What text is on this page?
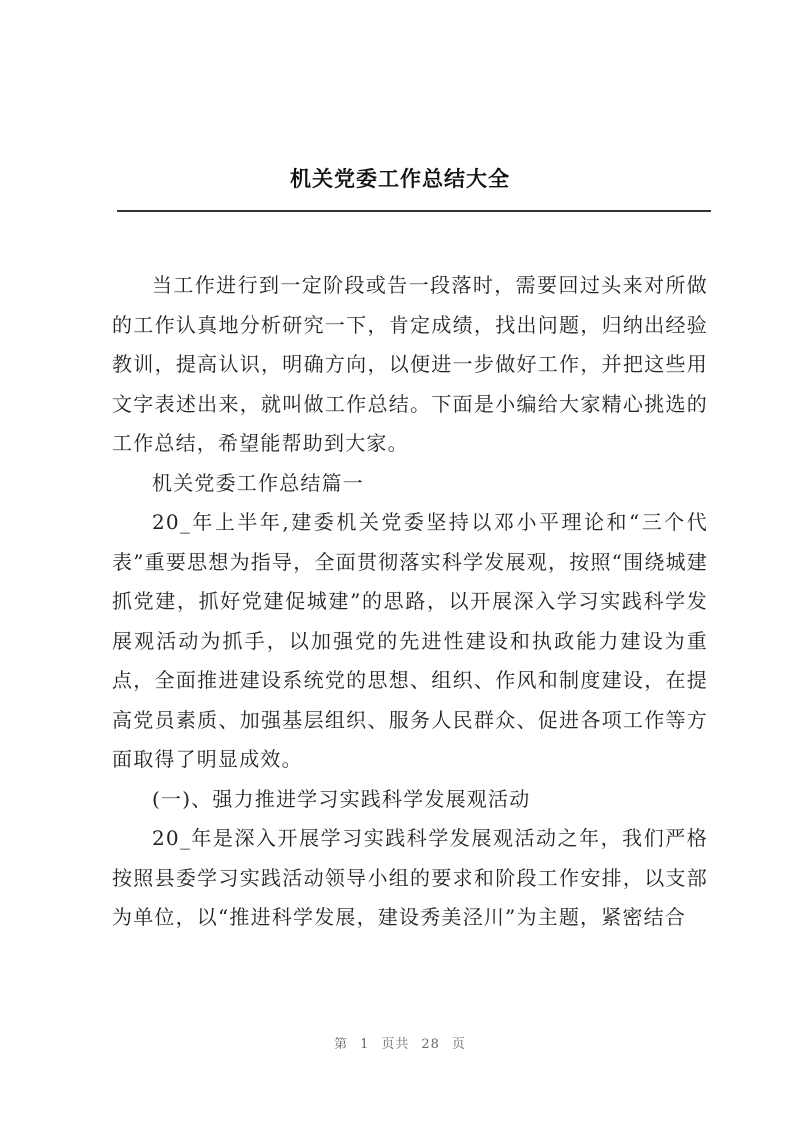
机关党委工作总结大全

当工作进行到一定阶段或告一段落时，需要回过头来对所做的工作认真地分析研究一下，肯定成绩，找出问题，归纳出经验教训，提高认识，明确方向，以便进一步做好工作，并把这些用文字表述出来，就叫做工作总结。下面是小编给大家精心挑选的工作总结，希望能帮助到大家。

机关党委工作总结篇一

20_年上半年,建委机关党委坚持以邓小平理论和“三个代表”重要思想为指导，全面贯彻落实科学发展观，按照“围绕城建抓党建，抓好党建促城建”的思路，以开展深入学习实践科学发展观活动为抓手，以加强党的先进性建设和执政能力建设为重点，全面推进建设系统党的思想、组织、作风和制度建设，在提高党员素质、加强基层组织、服务人民群众、促进各项工作等方面取得了明显成效。

(一)、强力推进学习实践科学发展观活动

20_年是深入开展学习实践科学发展观活动之年，我们严格按照县委学习实践活动领导小组的要求和阶段工作安排，以支部为单位，以“推进科学发展，建设秀美泾川”为主题，紧密结合

第 1 页共 28 页
